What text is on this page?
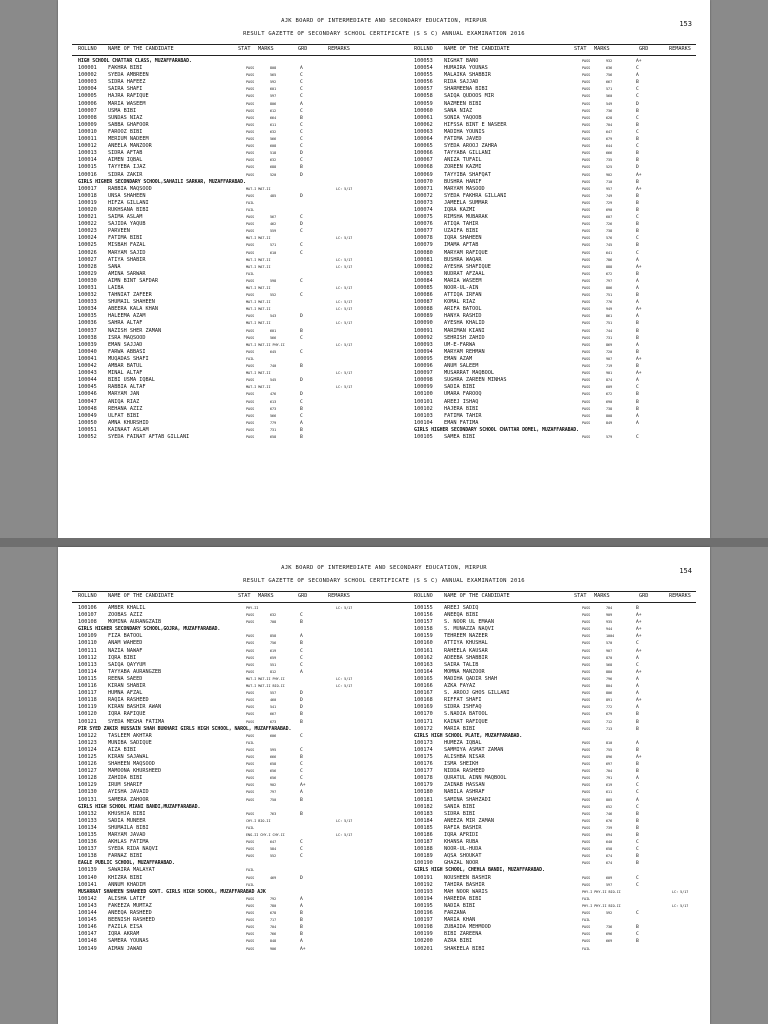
AJK BOARD OF INTERMEDIATE AND SECONDARY EDUCATION, MIRPUR	153
RESULT GAZETTE OF SECONDARY SCHOOL CERTIFICATE (S S C) ANNUAL EXAMINATION 2016
ROLLNO NAME OF THE CANDIDATE	STAT MARKS	GRD	REMARKS	ROLLNO NAME OF THE CANDIDATE	STAT MARKS	GRD	REMARKS
HIGH SCHOOL CHATTAR CLASS, MUZAFFARABAD.
100001 FAKHRA BIBI	PASS	808	A
100002 SYEDA AMBREEN	PASS	565	C
100003 SIDRA HAFEEZ	PASS	592	C
100004 SAIRA SHAFI	PASS	601	C
100005 HAJRA RAFIQUE	PASS	597	C
100006 MARIA WASEEM	PASS	806	A
100007 USMA BIBI	PASS	612	C
100008 SUNDAS NIAZ	PASS	664	B
100009 SABBA GHAFOOR	PASS	611	C
100010 FAROOZ BIBI	PASS	632	C
100011 MERIUM NADEEM	PASS	566	C
100012 ANEELA MANZOOR	PASS	608	C
100013 SIDRA AFTAB	PASS	518	D
100014 AIMEN IQBAL	PASS	632	C
100015 TAYYEBA IJAZ	PASS	688	B
100016 SIDRA ZAKIR	PASS	520	D
GIRLS HIGHER SECONDARY SCHOOL,SAHAILI SARKAR, MUZAFFARABAD.
100017 RABBIA MAQSOOD	MAT-I MAT-II	LC: 5/17
100018 UNSA SHAHEEN	PASS	485	D
100019 HIFZA GILLANI	FAIL
100020 RUKHSANA BIBI	FAIL
100021 SAIMA ASLAM	PASS	567	C
100022 SAJIDA YAQUB	PASS	462	D
100023 PARVEEN	PASS	559	C
100024 FATIMA BIBI	MAT-I MAT-II	LC: 5/17
100025 MISBAH FAZAL	PASS	571	C
100026 MARYAM SAJID	PASS	610	C
100027 ATIYA SHABIR	MAT-I MAT-II	LC: 5/17
100028 SANA	MAT-I MAT-II	LC: 5/17
100029 AMINA SARWAR	FAIL
100030 AIMN BINT SAFDAR	PASS	598	C
100031 LAIBA	MAT-I MAT-II	LC: 5/17
100032 TAHNIAT ZAFEER	PASS	552	C
100033 SHUMAIL SHAHEEN	MAT-I MAT-II	LC: 5/17
100034 ABEERA KALA KHAN	MAT-I MAT-II	LC: 5/17
100035 HALEEMA AZAM	PASS	543	D
100036 SAHRA ALTAF	MAT-I MAT-II	LC: 5/17
100037 NAZISH SHER ZAMAN	PASS	601	B
100038 ISRA MAQSOOD	PASS	566	C
100039 EMAN SAJJAD	MAT-I MAT-II PHY-II	LC: 5/17
100040 FARWA ABBASI	PASS	645	C
100041 MUQADAS SHAFI	FAIL
100042 AMBAR BATUL	PASS	740	B
100043 MINAL ALTAF	MAT-I MAT-II	LC: 5/17
100044 BIBI USMA IQBAL	PASS	545	D
100045 RABBIA ALTAF	MAT-I MAT-II	LC: 5/17
100046 MARYAM JAN	PASS	476	D
100047 ANIQA RIAZ	PASS	613	C
100048 REHANA AZIZ	PASS	673	B
100049 ULFAT BIBI	PASS	566	C
100050 AMNA KHURSHID	PASS	779	A
100051 KAINAAT ASLAM	PASS	731	B
100052 SYEDA FAINAT AFTAB GILLANI	PASS	658	B
100053 NIGHAT BANO	PASS	932	A+
100054 HUMAIRA YOUNAS	PASS	636	C
100055 MALAIKA SHABBIR	PASS	756	A
100056 RIDA SAJJAD	PASS	667	B
100057 SHARMEENA BIBI	PASS	571	C
100058 SAIQA QUDOOS MIR	PASS	560	C
100059 NAZMEEN BIBI	PASS	549	D
100060 SANA NIAZ	PASS	736	B
100061 SONIA YAQOOB	PASS	628	C
100062 HIFSSA BINT E NASEER	PASS	704	B
100063 MADIHA YOUNIS	PASS	647	C
100064 FATIMA JAVED	PASS	679	B
100065 SYEDA AROOJ ZAHRA	PASS	644	C
100066 TAYYABA GILLANI	PASS	666	B
100067 ANIZA TUFAIL	PASS	735	B
100068 ZOREEN KAZMI	PASS	525	D
100069 TAYYIBA SHAFQAT	PASS	902	A+
100070 BUSHRA HANIF	PASS	710	B
100071 MARYAM MASOOD	PASS	957	A+
100072 SYEDA FAKHRA GILLANI	PASS	749	B
100073 JAMEELA SUMMAR	PASS	729	B
100074 IQRA KAZMI	PASS	690	B
100075 RIMSHA MUBARAK	PASS	607	C
100076 ATIQA TAHIR	PASS	726	B
100077 UZAIFA BIBI	PASS	738	B
100078 IQRA SHAHEEN	PASS	576	C
100079 IMAMA AFTAB	PASS	745	B
100080 MARYAM RAFIQUE	PASS	641	C
100081 BUSHRA WAQAR	PASS	786	A
100082 AYESHA SHAFIQUE	PASS	888	A+
100083 NUDRAT AFZAAL	PASS	672	B
100084 MARIA WASEEM	PASS	797	A
100085 NOOR-UL-AIN	PASS	806	A
100086 ATTIQA IRFAN	PASS	751	B
100087 KOMAL RIAZ	PASS	776	A
100088 ARIFA BATOOL	PASS	949	A+
100089 HANYA RASHID	PASS	861	A
100090 AYESHA KHALID	PASS	751	B
100091 MARIMAN KIANI	PASS	744	B
100092 SEHRISH ZAHID	PASS	731	B
100093 UM-E-FARWA	PASS	869	A
100094 MARYAM REHMAN	PASS	720	B
100095 EMAN AZAM	PASS	907	A+
100096 ANUM SALEEM	PASS	719	B
100097 MUSARRAT MAQBOOL	PASS	901	A+
100098 SUGHRA ZAREEN MINHAS	PASS	874	A
100099 SADIA BIBI	PASS	609	C
100100 UMARA FAROOQ	PASS	672	B
100101 AREEJ ISHAQ	PASS	690	B
100102 HAJERA BIBI	PASS	738	B
100103 FATIMA TAHIR	PASS	808	A
100104 EMAN FATIMA	PASS	849	A
GIRLS HIGHER SECONDARY SCHOOL CHATTAR DOMEL, MUZAFFARABAD.
100105 SAMEA BIBI	PASS	579	C
AJK BOARD OF INTERMEDIATE AND SECONDARY EDUCATION, MIRPUR	154
RESULT GAZETTE OF SECONDARY SCHOOL CERTIFICATE (S S C) ANNUAL EXAMINATION 2016
ROLLNO NAME OF THE CANDIDATE	STAT MARKS	GRD	REMARKS	ROLLNO NAME OF THE CANDIDATE	STAT MARKS	GRD	REMARKS
100106 AMBER KHALIL	PHY-II	LC: 5/17
100107 ZOOBAS AZIZ	PASS	632	C
100108 MOMINA AURANGZAIB	PASS	708	B
GIRLS HIGHER SECONDARY SCHOOL,GOJRA, MUZAFFARABAD.
100109 FIZA BATOOL	PASS	858	A
100110 ANAM WAHEED	PASS	756	B
100111 NAZIA NAWAF	PASS	619	C
100112 IQRA BIBI	PASS	659	C
100113 SAIQA QAYYUM	PASS	551	C
100114 TAYYABA AURANGZEB	PASS	812	A
100115 REENA SAEED	MAT-I MAT-II PHY-II	LC: 5/17
100116 KIRAN SHABIR	MAT-I MAT-II BIO-II	LC: 5/17
100117 HUMNA AFZAL	PASS	557	D
100118 RAQIA RASHEED	PASS	460	D
100119 KIRAN BASHIR AWAN	PASS	541	D
100120 IQRA RAFIQUE	PASS	667	B
100121 SYEDA MEGHA FATIMA	PASS	673	B
PIR SYED ZAKIR HUSSAIN SHAH BUKHARI GIRLS HIGH SCHOOL, NAROL, MUZAFFARABAD.
100122 TASLEEM AKHTAR	PASS	606	C
100123 MUNIBA SADIQUE	FAIL
100124 AIZA BIBI	PASS	595	C
100125 KIRAN SAJAWAL	PASS	666	B
100126 SHAHEEN MAQSOOD	PASS	658	C
100127 MAMOONA KHURSHEED	PASS	656	C
100128 ZAHIDA BIBI	PASS	656	C
100129 IRUM SHARIF	PASS	902	A+
100130 AYISHA JAVAID	PASS	797	A
100131 SAMERA ZAHOOR	PASS	750	B
GIRLS HIGH SCHOOL MIANI BANDI,MUZAFFARABAD.
100132 KHUSHJA BIBI	PASS	763	B
100133 SADIA MUNEER	CHY-I BIO-II	LC: 5/17
100134 SHUMAILA BIBI	FAIL
100135 MARYAM JAVAD	ENG-II CHY-I CHY-II	LC: 5/17
100136 AKHLAS FATIMA	PASS	647	C
100137 SYEDA RIDA NAQVI	PASS	584	C
100138 FARNAZ BIBI	PASS	552	C
EAGLE PUBLIC SCHOOL, MUZAFFARABAD.
100139 SAWAIRA MALAYAT	FAIL
100140 KHIZRA BIBI	PASS	469	D
100141 ANNUM KHADIM	FAIL
MUSARRAT SHAHEEN SHAHEED GOVT. GIRLS HIGH SCHOOL, MUZAFFARABAD AJK
100142 ALISHA LATIF	PASS	792	A
100143 FAKEEZA MUMTAZ	PASS	780	A
100144 ANEEQA RASHEED	PASS	678	B
100145 BEENISH RASHEED	PASS	717	B
100146 FAZILA EISA	PASS	704	B
100147 IQRA AKRAM	PASS	766	B
100148 SAMERA YOUNAS	PASS	848	A
100149 AIMAN JAWAD	PASS	906	A+
100155 AREEJ SADIQ	PASS	704	B
100156 ANEEQA BIBI	PASS	909	A+
100157 S. NOOR UL EMAAN	PASS	935	A+
100158 S. MUNAZZA NAQVI	PASS	944	A+
100159 TEHREEM NAZEER	PASS	1004	A+
100160 ATTIYA KHUSHAL	PASS	570	C
100161 RAHEELA KAUSAR	PASS	907	A+
100162 ADEEBA SHABBIR	PASS	870	A
100163 SAIRA TALIB	PASS	568	C
100164 MOMNA MANZOOR	PASS	880	A+
100165 MADIHA QADIR SHAH	PASS	796	A
100166 AZKA FAYAZ	PASS	804	A
100167 S. AROOJ GHOS GILLANI	PASS	806	A
100168 RIFFAT SHAFI	PASS	891	A+
100169 SIDRA ISHFAQ	PASS	772	A
100170 S.NADIA BATOOL	PASS	679	B
100171 KAINAT RAFIQUE	PASS	712	B
100172 MARIA BIBI	PASS	713	B
GIRLS HIGH SCHOOL PLATE, MUZAFFARABAD.
100173 HUMEZA IQBAL	PASS	810	A
100174 SAMMIYA ASMAT ZAMAN	PASS	755	B
100175 ALISHBA NISAR	PASS	896	A+
100176 ISMA SHEIKH	PASS	697	B
100177 NIDDA RASHEED	PASS	704	B
100178 QURATUL AINN MAQBOOL	PASS	791	A
100179 ZAINAB HASSAN	PASS	619	C
100180 NABILA ASHRAF	PASS	611	C
100181 SAMINA SHAHZADI	PASS	805	A
100182 SANIA BIBI	PASS	652	C
100183 SIDRA BIBI	PASS	746	B
100184 ANEEZA MIR ZAMAN	PASS	676	B
100185 RAFIA BASHIR	PASS	739	B
100186 IQRA AFRIDI	PASS	694	B
100187 KHANSA RUBA	PASS	640	C
100188 NOOR-UL-HUDA	PASS	658	C
100189 AQSA SHOUKAT	PASS	674	B
100190 GHAZAL NOOR	PASS	674	B
GIRLS HIGH SCHOOL, CHEHLA BANDI, MUZAFFARABAD.
100191 NOUSHEEN BASHIR	PASS	609	C
100192 TAHIRA BASHIR	PASS	597	C
100193 MAH NOOR WARIS	PHY-I PHY-II BIO-II	LC: 5/17
100194 HAREEDA BIBI	FAIL
100195 NADIA BIBI	PHY-I PHY-II BIO-II	LC: 5/17
100196 FARZANA	PASS	592	C
100197 MARIA KHAN	FAIL
100198 ZUBAIDA MEHMOOD	PASS	736	B
100199 BIBI ZAREENA	PASS	696	C
100200 AZRA BIBI	PASS	669	B
100201 SHAKEELA BIBI	FAIL
